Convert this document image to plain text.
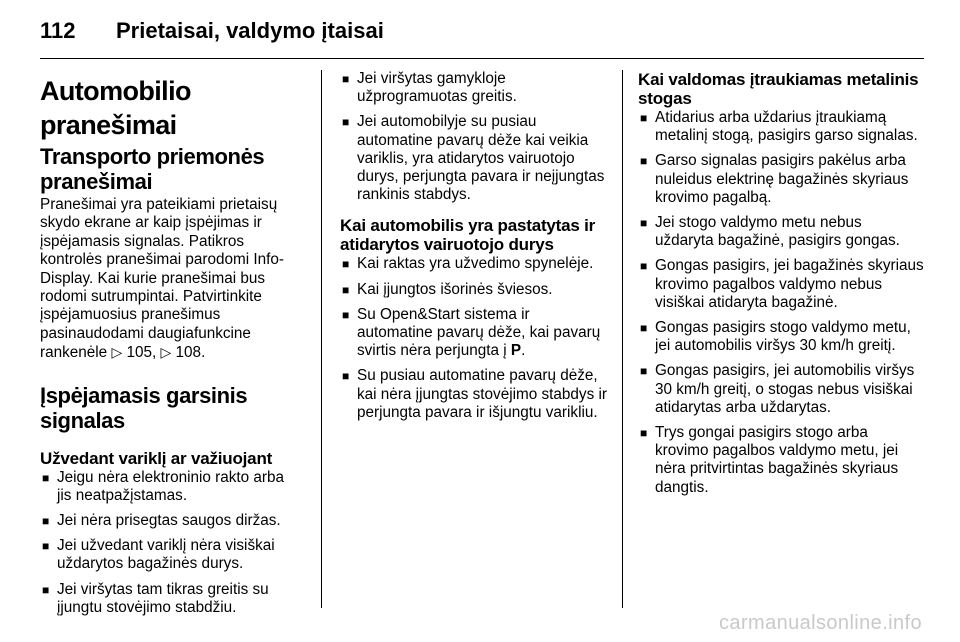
112 Prietaisai, valdymo įtaisai
Automobilio pranešimai
Transporto priemonės pranešimai

Pranešimai yra pateikiami prietaisų skydo ekrane ar kaip įspėjimas ir įspėjamasis signalas. Patikros kontrolės pranešimai parodomi Info-Display. Kai kurie pranešimai bus rodomi sutrumpintai. Patvirtinkite įspėjamuosius pranešimus pasinaudodami daugiafunkcine rankenėle ▷ 105, ▷ 108.

Įspėjamasis garsinis signalas
Užvedant variklį ar važiuojant
■ Jeigu nėra elektroninio rakto arba jis neatpažįstamas.
■ Jei nėra prisegtas saugos diržas.
■ Jei užvedant variklį nėra visiškai uždarytos bagažinės durys.
■ Jei viršytas tam tikras greitis su įjungtu stovėjimo stabdžiu.
■ Jei viršytas gamykloje užprogramuotas greitis.
■ Jei automobilyje su pusiau automatine pavarų dėže kai veikia variklis, yra atidarytos vairuotojo durys, perjungta pavara ir neįjungtas rankinis stabdys.
Kai automobilis yra pastatytas ir atidarytos vairuotojo durys
■ Kai raktas yra užvedimo spynelėje.
■ Kai įjungtos išorinės šviesos.
■ Su Open&Start sistema ir automatine pavarų dėže, kai pavarų svirtis nėra perjungta į P.
■ Su pusiau automatine pavarų dėže, kai nėra įjungtas stovėjimo stabdys ir perjungta pavara ir išjungtu varikliu.
Kai valdomas įtraukiamas metalinis stogas
■ Atidarius arba uždarius įtraukiamą metalinį stogą, pasigirs garso signalas.
■ Garso signalas pasigirs pakėlus arba nuleidus elektrinę bagažinės skyriaus krovimo pagalbą.
■ Jei stogo valdymo metu nebus uždaryta bagažinė, pasigirs gongas.
■ Gongas pasigirs, jei bagažinės skyriaus krovimo pagalbos valdymo nebus visiškai atidaryta bagažinė.
■ Gongas pasigirs stogo valdymo metu, jei automobilis viršys 30 km/h greitį.
■ Gongas pasigirs, jei automobilis viršys 30 km/h greitį, o stogas nebus visiškai atidarytas arba uždarytas.
■ Trys gongai pasigirs stogo arba krovimo pagalbos valdymo metu, jei nėra pritvirtintas bagažinės skyriaus dangtis.
carmanualsonline.info
